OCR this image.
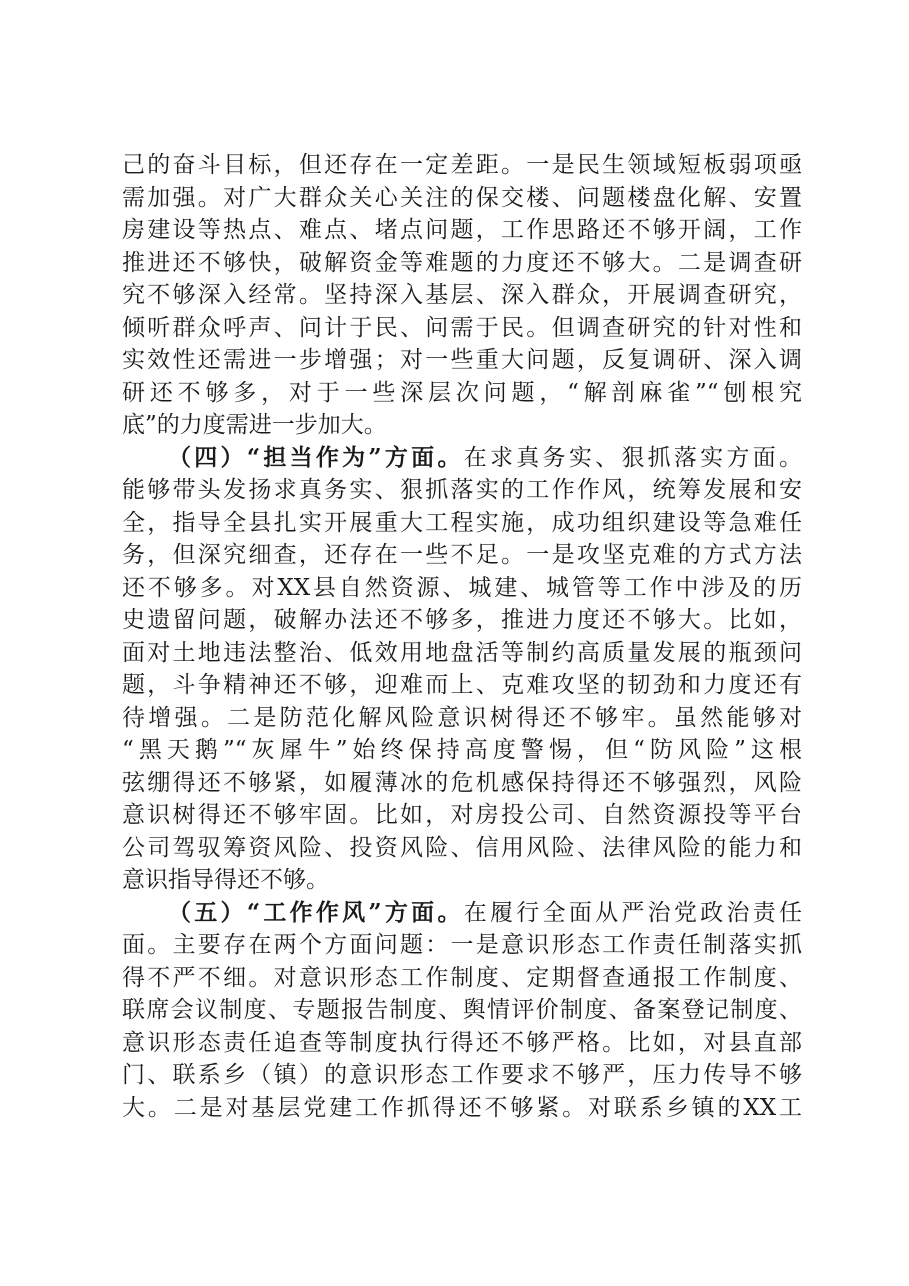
己的奋斗目标，但还存在一定差距。一是民生领域短板弱项亟
需加强。对广大群众关心关注的保交楼、问题楼盘化解、安置
房建设等热点、难点、堵点问题，工作思路还不够开阔，工作
推进还不够快，破解资金等难题的力度还不够大。二是调查研
究不够深入经常。坚持深入基层、深入群众，开展调查研究，
倾听群众呼声、问计于民、问需于民。但调查研究的针对性和
实效性还需进一步增强；对一些重大问题，反复调研、深入调
研还不够多，对于一些深层次问题，“解剖麻雀”“刨根究
底”的力度需进一步加大。
（四）“担当作为”方面。在求真务实、狠抓落实方面。
能够带头发扬求真务实、狠抓落实的工作作风，统筹发展和安
全，指导全县扎实开展重大工程实施，成功组织建设等急难任
务，但深究细查，还存在一些不足。一是攻坚克难的方式方法
还不够多。对XX县自然资源、城建、城管等工作中涉及的历
史遗留问题，破解办法还不够多，推进力度还不够大。比如，
面对土地违法整治、低效用地盘活等制约高质量发展的瓶颈问
题，斗争精神还不够，迎难而上、克难攻坚的韧劲和力度还有
待增强。二是防范化解风险意识树得还不够牢。虽然能够对
“黑天鹅”“灰犀牛”始终保持高度警惕，但“防风险”这根
弦绷得还不够紧，如履薄冰的危机感保持得还不够强烈，风险
意识树得还不够牢固。比如，对房投公司、自然资源投等平台
公司驾驭筹资风险、投资风险、信用风险、法律风险的能力和
意识指导得还不够。
（五）“工作作风”方面。在履行全面从严治党政治责任
面。主要存在两个方面问题：一是意识形态工作责任制落实抓
得不严不细。对意识形态工作制度、定期督查通报工作制度、
联席会议制度、专题报告制度、舆情评价制度、备案登记制度、
意识形态责任追查等制度执行得还不够严格。比如，对县直部
门、联系乡（镇）的意识形态工作要求不够严，压力传导不够
大。二是对基层党建工作抓得还不够紧。对联系乡镇的XX工
